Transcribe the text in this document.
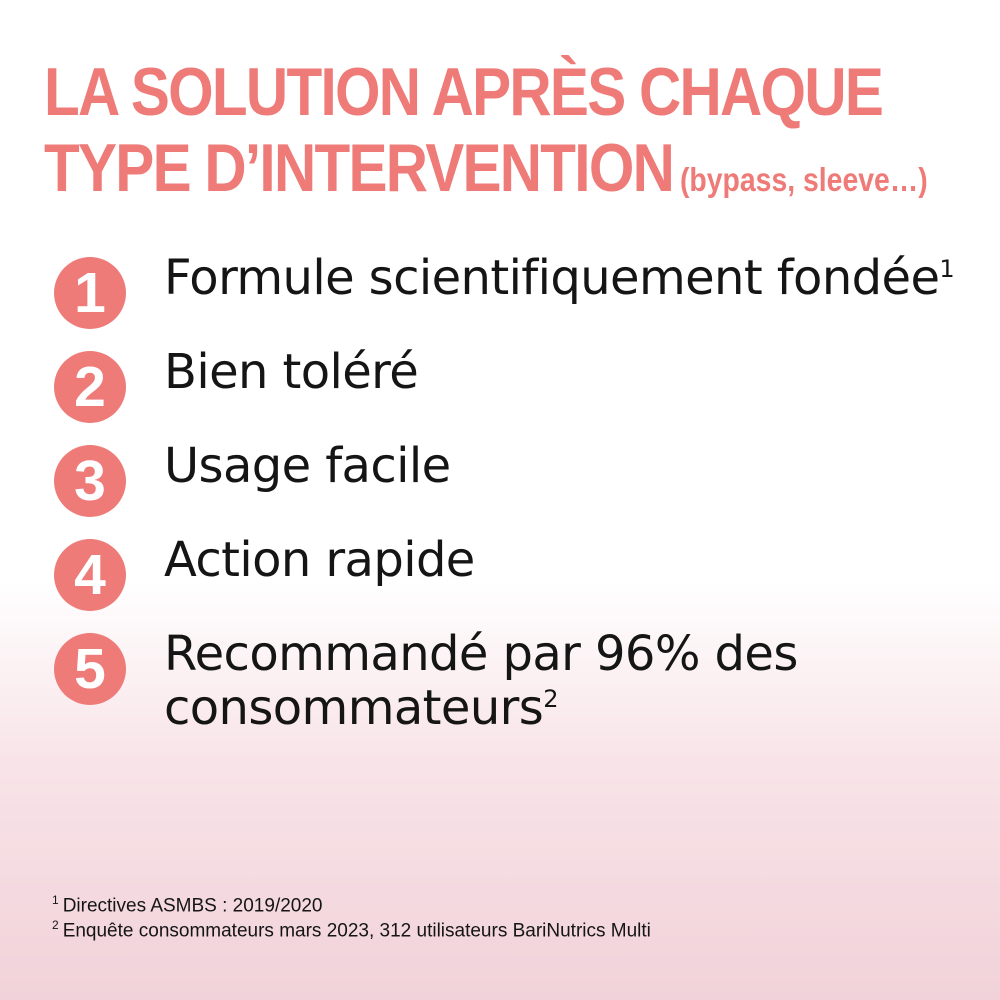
LA SOLUTION APRÈS CHAQUE
TYPE D’INTERVENTION (bypass, sleeve…)
1	Formule scientifiquement fondée$^1$
2	Bien toléré
3	Usage facile
4	Action rapide
5	Recommandé par 96% des
consommateurs$^2$
$^1$ Directives ASMBS : 2019/2020
$^2$ Enquête consommateurs mars 2023, 312 utilisateurs BariNutrics Multi
